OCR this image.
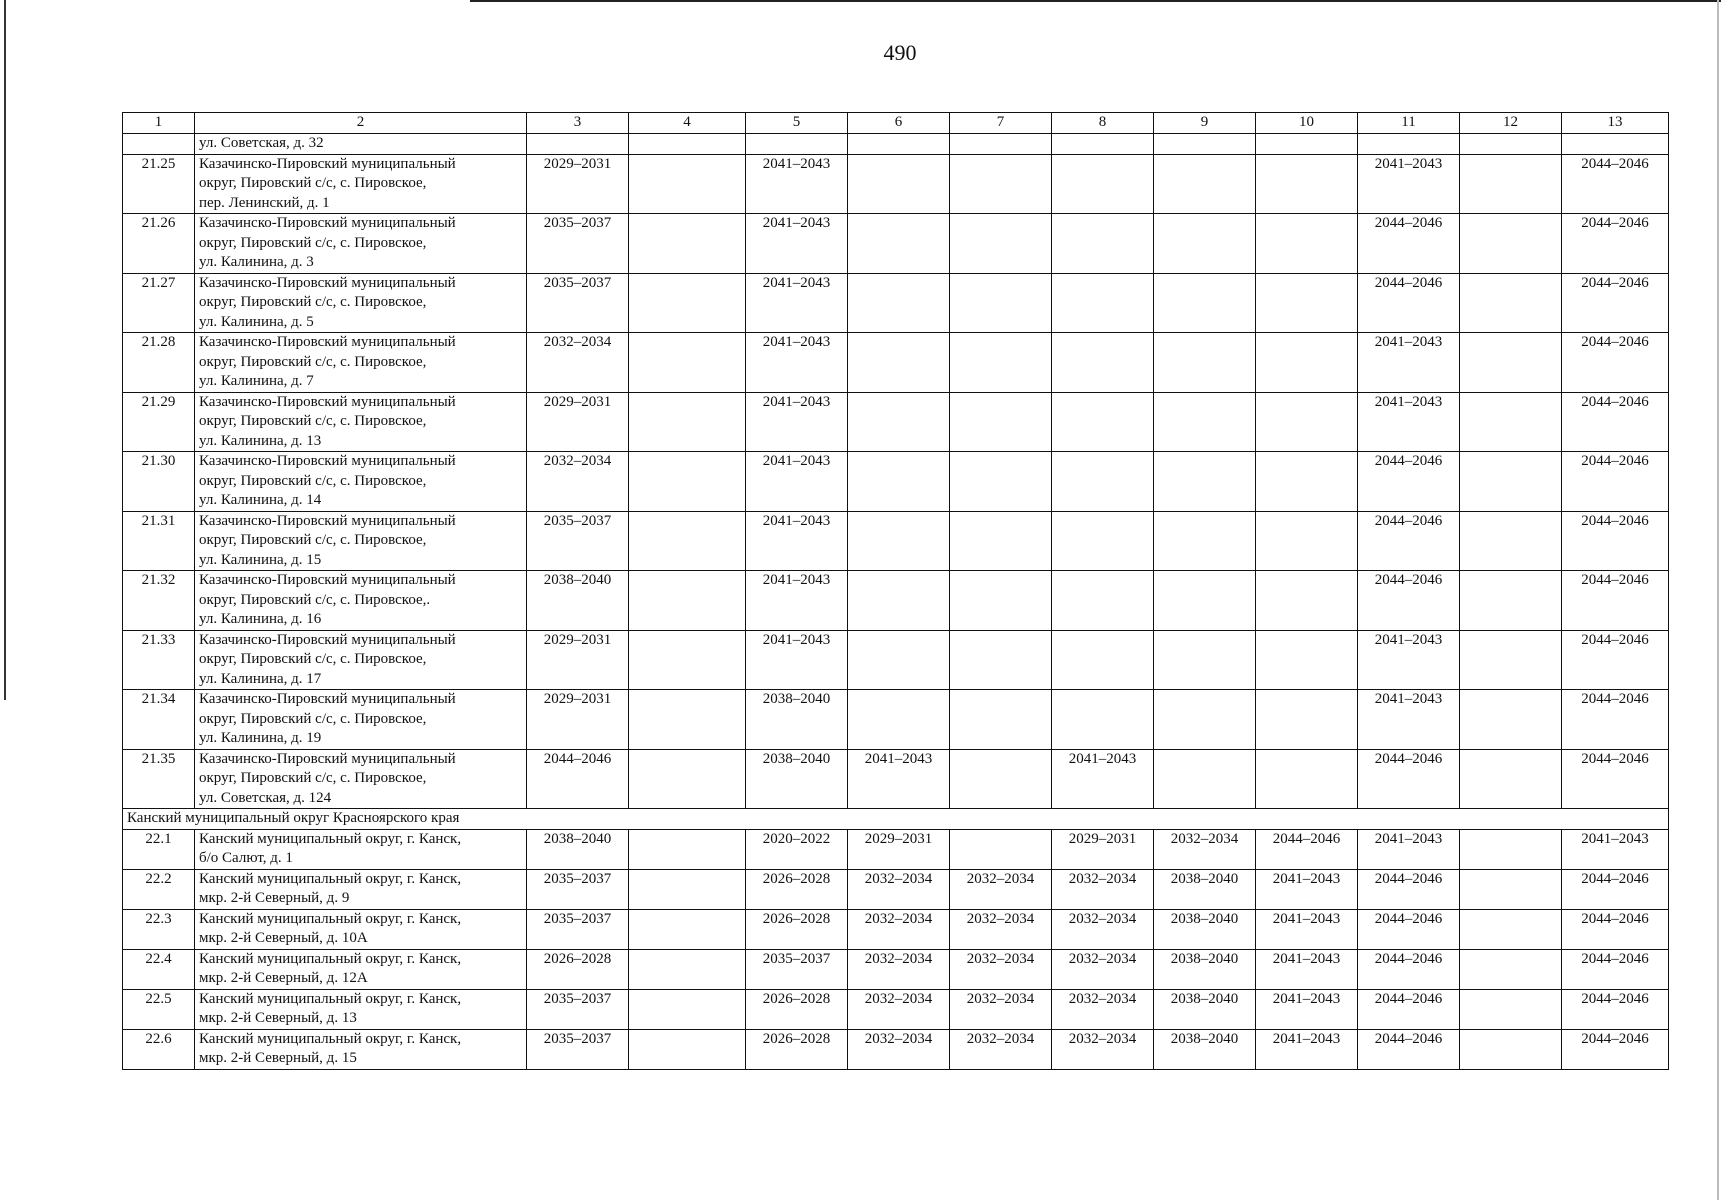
490
1	2	3	4	5	6	7	8	9	10	11	12	13

	ул. Советская, д. 32											

21.25	Казачинско-Пировский муниципальный
округ, Пировский с/с, с. Пировское,
пер. Ленинский, д. 1	2029–2031		2041–2043						2041–2043		2044–2046
21.26	Казачинско-Пировский муниципальный
округ, Пировский с/с, с. Пировское,
ул. Калинина, д. 3	2035–2037		2041–2043						2044–2046		2044–2046
21.27	Казачинско-Пировский муниципальный
округ, Пировский с/с, с. Пировское,
ул. Калинина, д. 5	2035–2037		2041–2043						2044–2046		2044–2046
21.28	Казачинско-Пировский муниципальный
округ, Пировский с/с, с. Пировское,
ул. Калинина, д. 7	2032–2034		2041–2043						2041–2043		2044–2046
21.29	Казачинско-Пировский муниципальный
округ, Пировский с/с, с. Пировское,
ул. Калинина, д. 13	2029–2031		2041–2043						2041–2043		2044–2046
21.30	Казачинско-Пировский муниципальный
округ, Пировский с/с, с. Пировское,
ул. Калинина, д. 14	2032–2034		2041–2043						2044–2046		2044–2046
21.31	Казачинско-Пировский муниципальный
округ, Пировский с/с, с. Пировское,
ул. Калинина, д. 15	2035–2037		2041–2043						2044–2046		2044–2046
21.32	Казачинско-Пировский муниципальный
округ, Пировский с/с, с. Пировское,.
ул. Калинина, д. 16	2038–2040		2041–2043						2044–2046		2044–2046
21.33	Казачинско-Пировский муниципальный
округ, Пировский с/с, с. Пировское,
ул. Калинина, д. 17	2029–2031		2041–2043						2041–2043		2044–2046
21.34	Казачинско-Пировский муниципальный
округ, Пировский с/с, с. Пировское,
ул. Калинина, д. 19	2029–2031		2038–2040						2041–2043		2044–2046
21.35	Казачинско-Пировский муниципальный
округ, Пировский с/с, с. Пировское,
ул. Советская, д. 124	2044–2046		2038–2040	2041–2043		2041–2043			2044–2046		2044–2046
Канский муниципальный округ Красноярского края												
22.1	Канский муниципальный округ, г. Канск,
б/о Салют, д. 1	2038–2040		2020–2022	2029–2031		2029–2031	2032–2034	2044–2046	2041–2043		2041–2043
22.2	Канский муниципальный округ, г. Канск,
мкр. 2-й Северный, д. 9	2035–2037		2026–2028	2032–2034	2032–2034	2032–2034	2038–2040	2041–2043	2044–2046		2044–2046
22.3	Канский муниципальный округ, г. Канск,
мкр. 2-й Северный, д. 10А	2035–2037		2026–2028	2032–2034	2032–2034	2032–2034	2038–2040	2041–2043	2044–2046		2044–2046
22.4	Канский муниципальный округ, г. Канск,
мкр. 2-й Северный, д. 12А	2026–2028		2035–2037	2032–2034	2032–2034	2032–2034	2038–2040	2041–2043	2044–2046		2044–2046
22.5	Канский муниципальный округ, г. Канск,
мкр. 2-й Северный, д. 13	2035–2037		2026–2028	2032–2034	2032–2034	2032–2034	2038–2040	2041–2043	2044–2046		2044–2046
22.6	Канский муниципальный округ, г. Канск,
мкр. 2-й Северный, д. 15	2035–2037		2026–2028	2032–2034	2032–2034	2032–2034	2038–2040	2041–2043	2044–2046		2044–2046
